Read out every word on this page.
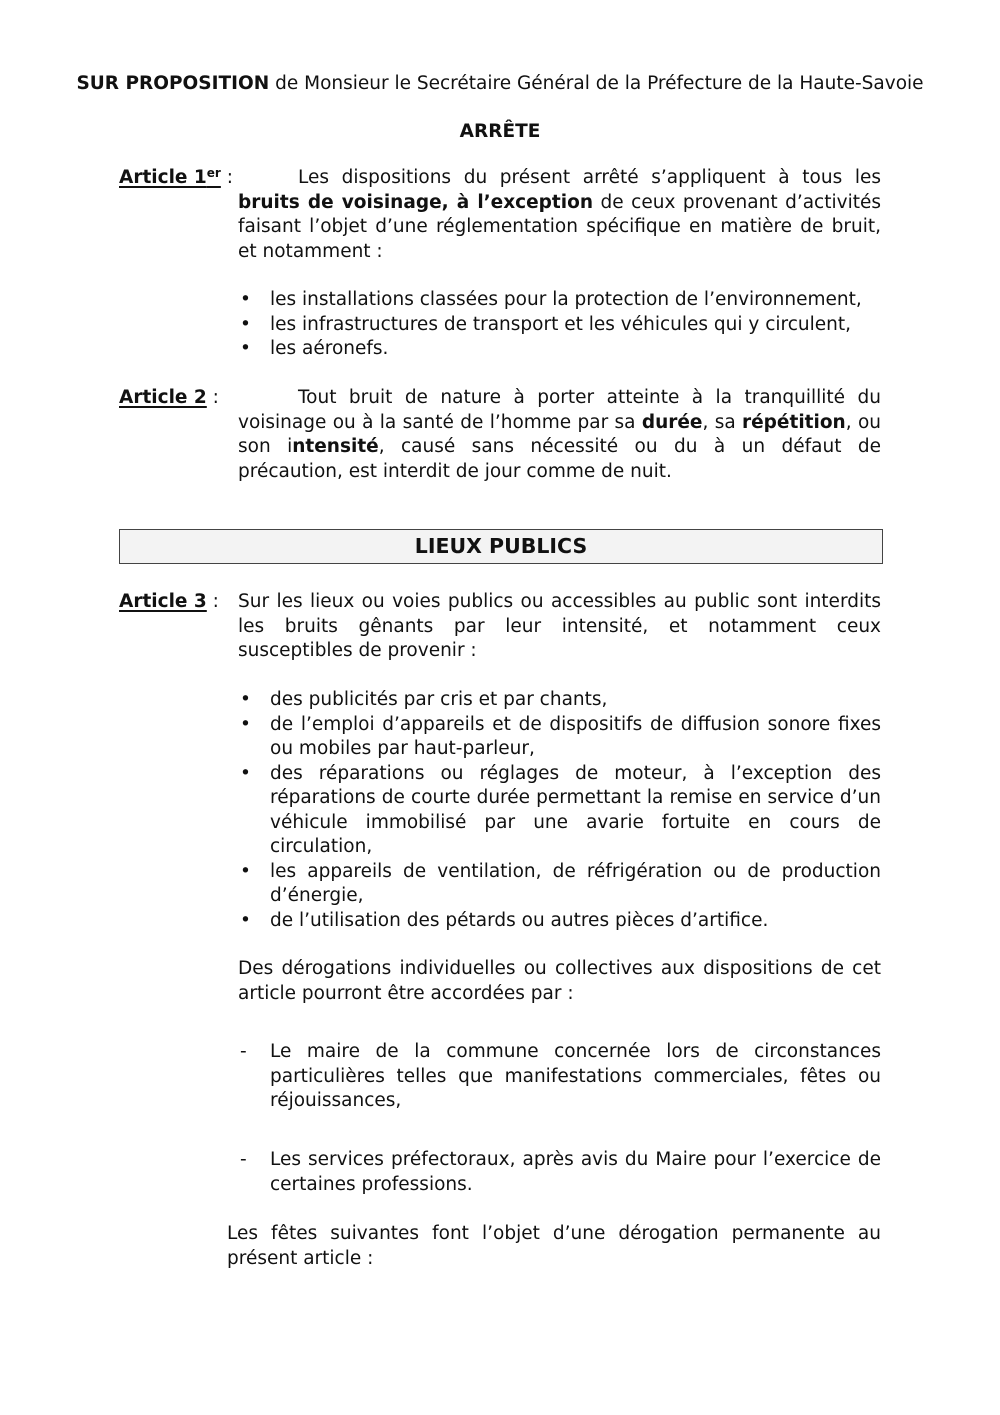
SUR PROPOSITION de Monsieur le Secrétaire Général de la Préfecture de la Haute-Savoie
ARRÊTE
Article 1er :	Les dispositions du présent arrêté s’appliquent à tous les bruits de voisinage, à l’exception de ceux provenant d’activités faisant l’objet d’une réglementation spécifique en matière de bruit, et notamment :
• les installations classées pour la protection de l’environnement,
• les infrastructures de transport et les véhicules qui y circulent,
• les aéronefs.
Article 2 :	Tout bruit de nature à porter atteinte à la tranquillité du voisinage ou à la santé de l’homme par sa durée, sa répétition, ou son intensité, causé sans nécessité ou du à un défaut de précaution, est interdit de jour comme de nuit.
LIEUX PUBLICS
Article 3 : Sur les lieux ou voies publics ou accessibles au public sont interdits les bruits gênants par leur intensité, et notamment ceux susceptibles de provenir :
• des publicités par cris et par chants,
• de l’emploi d’appareils et de dispositifs de diffusion sonore fixes ou mobiles par haut-parleur,
• des réparations ou réglages de moteur, à l’exception des réparations de courte durée permettant la remise en service d’un véhicule immobilisé par une avarie fortuite en cours de circulation,
• les appareils de ventilation, de réfrigération ou de production d’énergie,
• de l’utilisation des pétards ou autres pièces d’artifice.
Des dérogations individuelles ou collectives aux dispositions de cet article pourront être accordées par :
- Le maire de la commune concernée lors de circonstances particulières telles que manifestations commerciales, fêtes ou réjouissances,
- Les services préfectoraux, après avis du Maire pour l’exercice de certaines professions.
Les fêtes suivantes font l’objet d’une dérogation permanente au présent article :
